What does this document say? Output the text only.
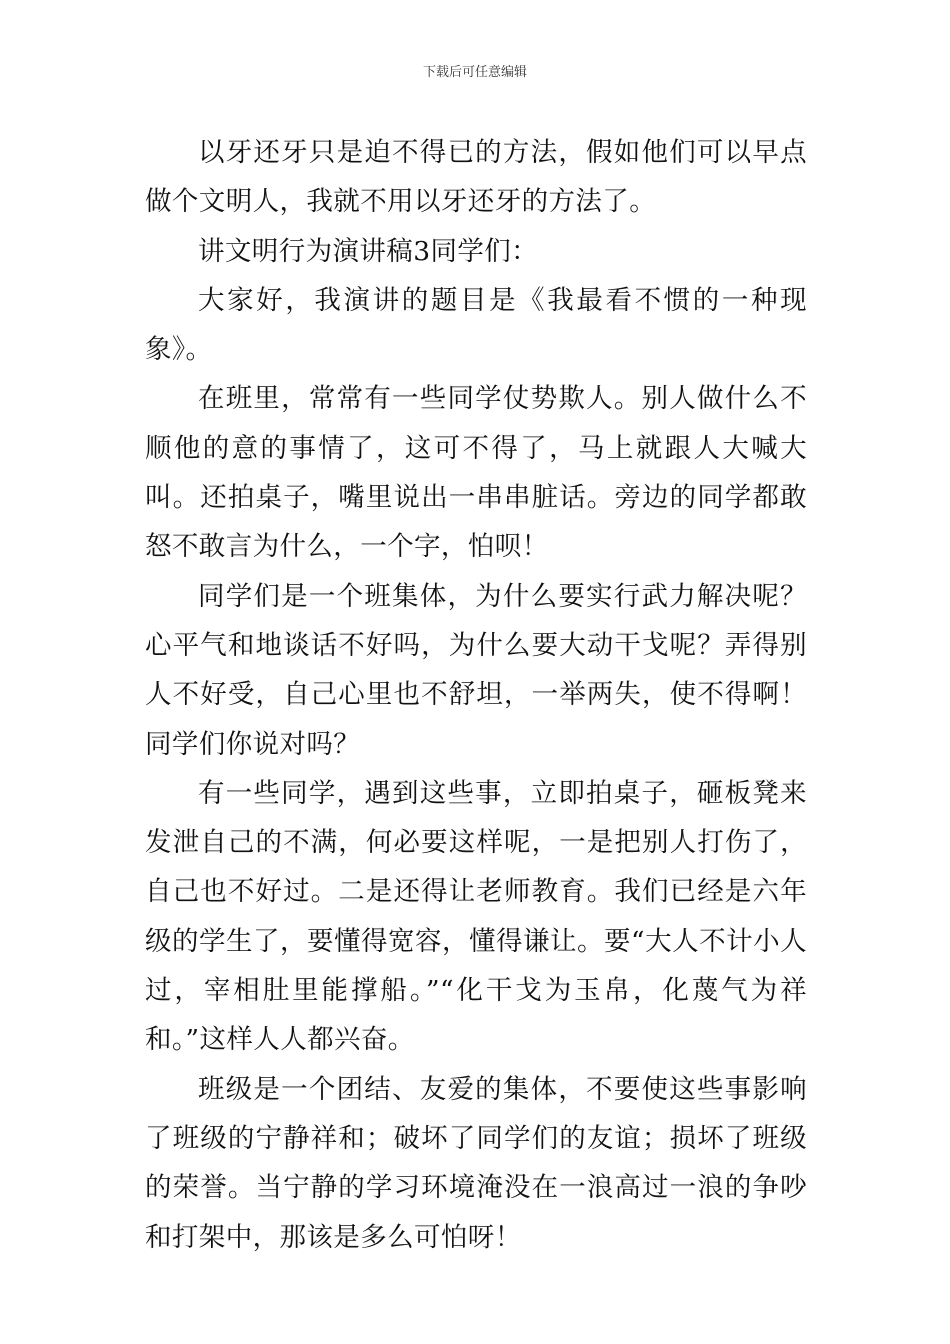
下载后可任意编辑

以牙还牙只是迫不得已的方法，假如他们可以早点做个文明人，我就不用以牙还牙的方法了。

讲文明行为演讲稿3同学们：

大家好，我演讲的题目是《我最看不惯的一种现象》。

在班里，常常有一些同学仗势欺人。别人做什么不顺他的意的事情了，这可不得了，马上就跟人大喊大叫。还拍桌子，嘴里说出一串串脏话。旁边的同学都敢怒不敢言为什么，一个字，怕呗！

同学们是一个班集体，为什么要实行武力解决呢？心平气和地谈话不好吗，为什么要大动干戈呢？弄得别人不好受，自己心里也不舒坦，一举两失，使不得啊！同学们你说对吗？

有一些同学，遇到这些事，立即拍桌子，砸板凳来发泄自己的不满，何必要这样呢，一是把别人打伤了，自己也不好过。二是还得让老师教育。我们已经是六年级的学生了，要懂得宽容，懂得谦让。要“大人不计小人过，宰相肚里能撑船。”“化干戈为玉帛，化蔑气为祥和。”这样人人都兴奋。

班级是一个团结、友爱的集体，不要使这些事影响了班级的宁静祥和；破坏了同学们的友谊；损坏了班级的荣誉。当宁静的学习环境淹没在一浪高过一浪的争吵和打架中，那该是多么可怕呀！
